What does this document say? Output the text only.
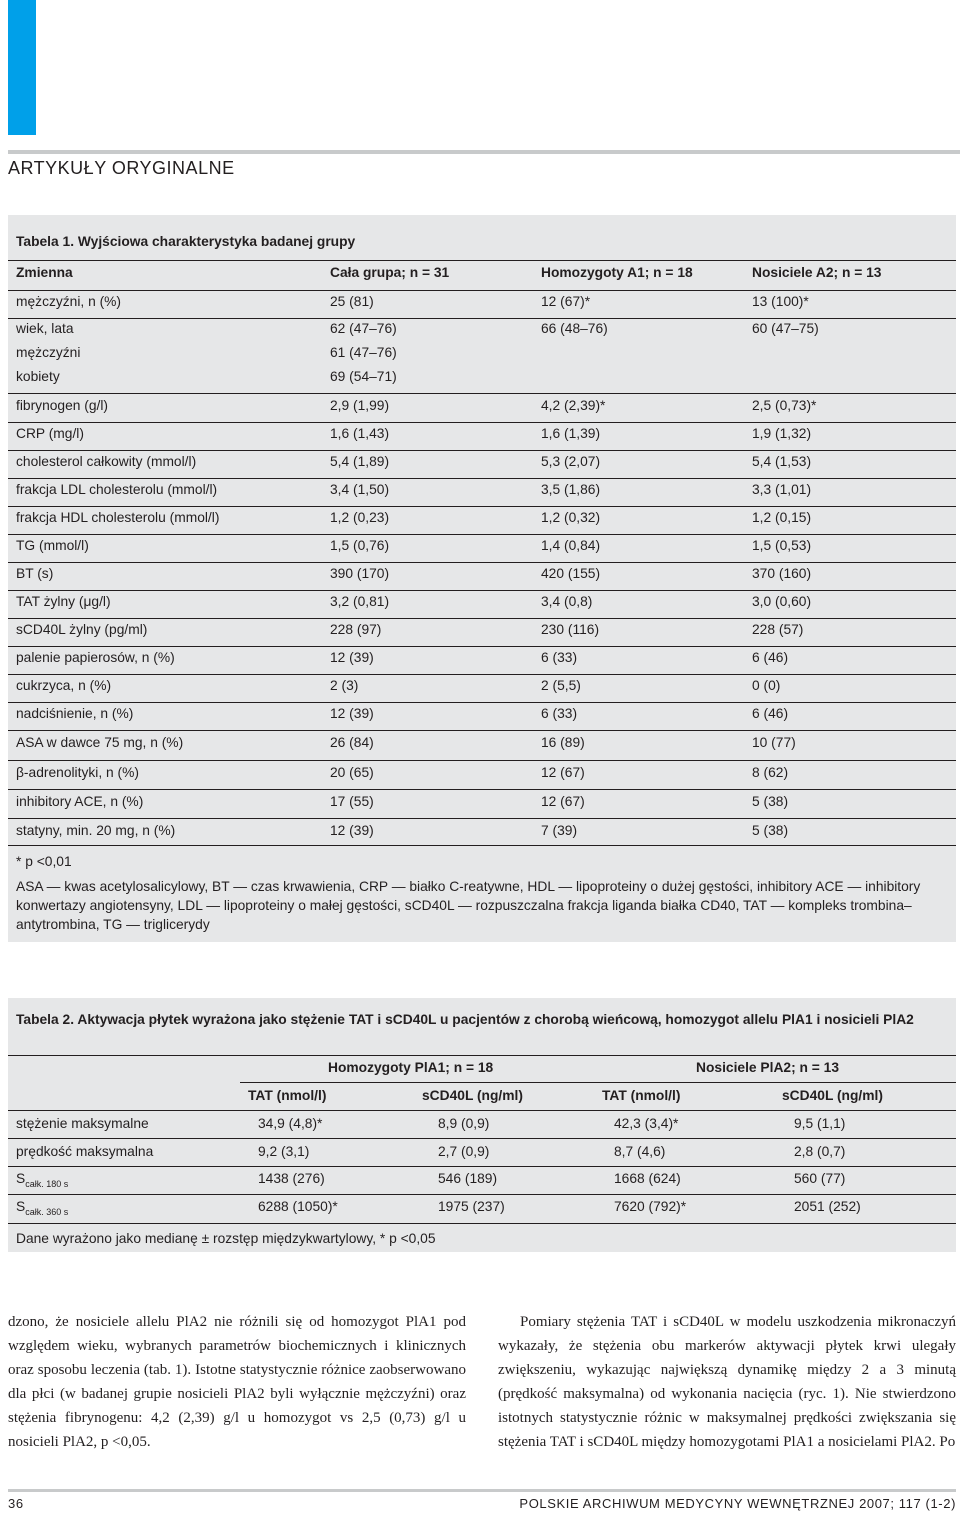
ARTYKUŁY ORYGINALNE
Tabela 1. Wyjściowa charakterystyka badanej grupy
Zmienna	Cała grupa; n = 31	Homozygoty A1; n = 18	Nosiciele A2; n = 13
mężczyźni, n (%)	25 (81)	12 (67)*	13 (100)*
wiek, lata	62 (47–76)	66 (48–76)	60 (47–75)
mężczyźni	61 (47–76)
kobiety	69 (54–71)
fibrynogen (g/l)	2,9 (1,99)	4,2 (2,39)*	2,5 (0,73)*
CRP (mg/l)	1,6 (1,43)	1,6 (1,39)	1,9 (1,32)
cholesterol całkowity (mmol/l)	5,4 (1,89)	5,3 (2,07)	5,4 (1,53)
frakcja LDL cholesterolu (mmol/l)	3,4 (1,50)	3,5 (1,86)	3,3 (1,01)
frakcja HDL cholesterolu (mmol/l)	1,2 (0,23)	1,2 (0,32)	1,2 (0,15)
TG (mmol/l)	1,5 (0,76)	1,4 (0,84)	1,5 (0,53)
BT (s)	390 (170)	420 (155)	370 (160)
TAT żylny (μg/l)	3,2 (0,81)	3,4 (0,8)	3,0 (0,60)
sCD40L żylny (pg/ml)	228 (97)	230 (116)	228 (57)
palenie papierosów, n (%)	12 (39)	6 (33)	6 (46)
cukrzyca, n (%)	2 (3)	2 (5,5)	0 (0)
nadciśnienie, n (%)	12 (39)	6 (33)	6 (46)
ASA w dawce 75 mg, n (%)	26 (84)	16 (89)	10 (77)
β-adrenolityki, n (%)	20 (65)	12 (67)	8 (62)
inhibitory ACE, n (%)	17 (55)	12 (67)	5 (38)
statyny, min. 20 mg, n (%)	12 (39)	7 (39)	5 (38)
* p <0,01
ASA — kwas acetylosalicylowy, BT — czas krwawienia, CRP — białko C-reatywne, HDL — lipoproteiny o dużej gęstości, inhibitory ACE — inhibitory konwertazy angiotensyny, LDL — lipoproteiny o małej gęstości, sCD40L — rozpuszczalna frakcja liganda białka CD40, TAT — kompleks trombina–antytrombina, TG — triglicerydy
Tabela 2. Aktywacja płytek wyrażona jako stężenie TAT i sCD40L u pacjentów z chorobą wieńcową, homozygot allelu PlA1 i nosicieli PlA2
Homozygoty PlA1; n = 18	Nosiciele PlA2; n = 13
TAT (nmol/l)	sCD40L (ng/ml)	TAT (nmol/l)	sCD40L (ng/ml)
stężenie maksymalne	34,9 (4,8)*	8,9 (0,9)	42,3 (3,4)*	9,5 (1,1)
prędkość maksymalna	9,2 (3,1)	2,7 (0,9)	8,7 (4,6)	2,8 (0,7)
$S_{całk. 180 s}$	1438 (276)	546 (189)	1668 (624)	560 (77)
$S_{całk. 360 s}$	6288 (1050)*	1975 (237)	7620 (792)*	2051 (252)
Dane wyrażono jako medianę ± rozstęp międzykwartylowy, * p <0,05
dzono, że nosiciele allelu PlA2 nie różnili się od homozygot PlA1 pod względem wieku, wybranych parametrów biochemicznych i klinicznych oraz sposobu leczenia (tab. 1). Istotne statystycznie różnice zaobserwowano dla płci (w badanej grupie nosicieli PlA2 byli wyłącznie mężczyźni) oraz stężenia fibrynogenu: 4,2 (2,39) g/l u homozygot vs 2,5 (0,73) g/l u nosicieli PlA2, p <0,05.
Pomiary stężenia TAT i sCD40L w modelu uszkodzenia mikronaczyń wykazały, że stężenia obu markerów aktywacji płytek krwi ulegały zwiększeniu, wykazując największą dynamikę między 2 a 3 minutą (prędkość maksymalna) od wykonania nacięcia (ryc. 1). Nie stwierdzono istotnych statystycznie różnic w maksymalnej prędkości zwiększania się stężenia TAT i sCD40L między homozygotami PlA1 a nosicielami PlA2. Po
36	POLSKIE ARCHIWUM MEDYCYNY WEWNĘTRZNEJ 2007; 117 (1-2)
